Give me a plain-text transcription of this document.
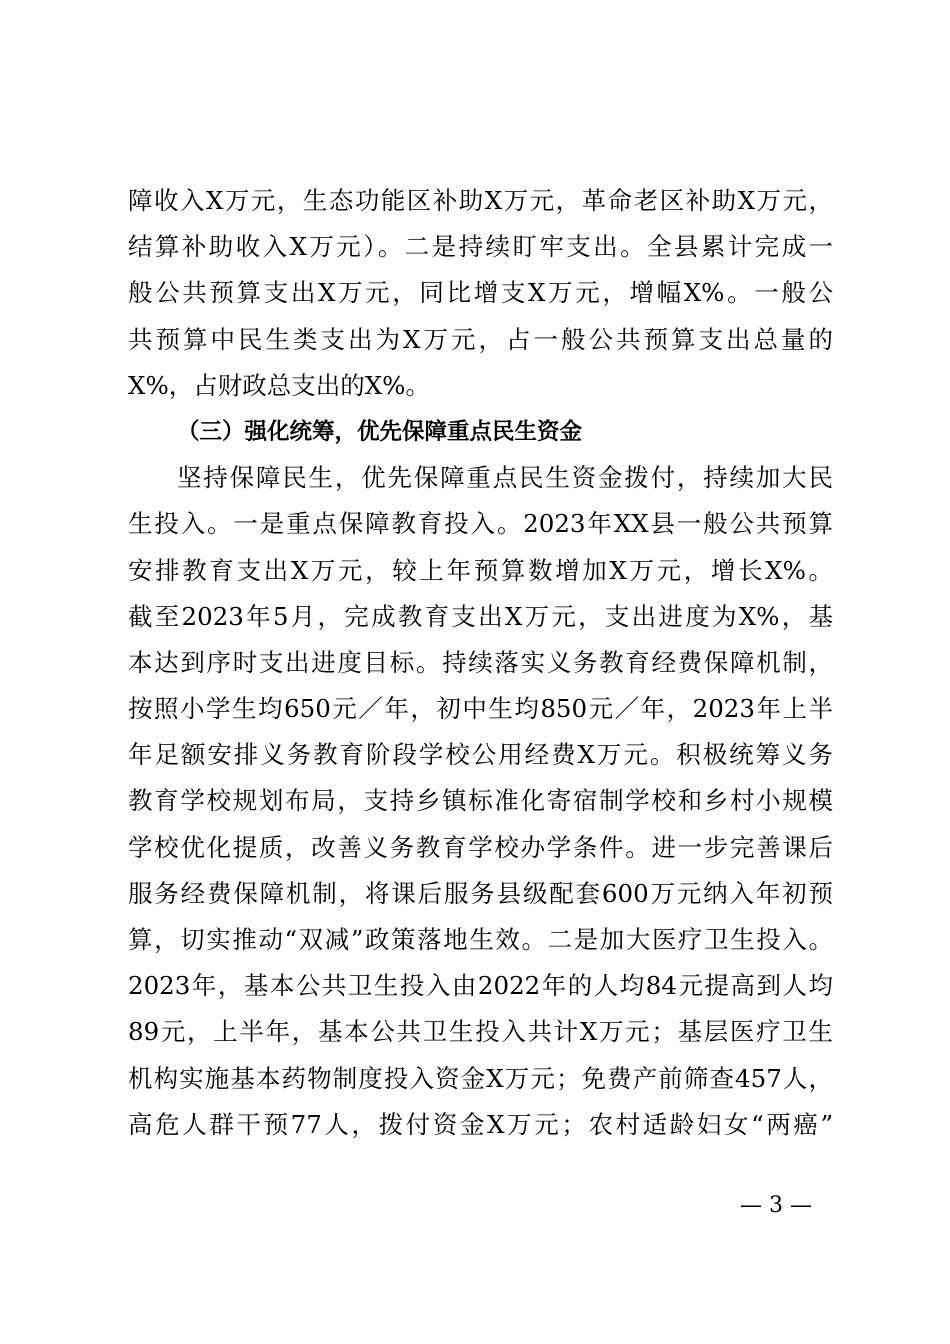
障收入X万元，生态功能区补助X万元，革命老区补助X万元，
结算补助收入X万元）。二是持续盯牢支出。全县累计完成一
般公共预算支出X万元，同比增支X万元，增幅X%。一般公
共预算中民生类支出为X万元，占一般公共预算支出总量的
X%，占财政总支出的X%。
（三）强化统筹，优先保障重点民生资金
坚持保障民生，优先保障重点民生资金拨付，持续加大民
生投入。一是重点保障教育投入。2023年XX县一般公共预算
安排教育支出X万元，较上年预算数增加X万元，增长X%。
截至2023年5月，完成教育支出X万元，支出进度为X%，基
本达到序时支出进度目标。持续落实义务教育经费保障机制，
按照小学生均650元／年，初中生均850元／年，2023年上半
年足额安排义务教育阶段学校公用经费X万元。积极统筹义务
教育学校规划布局，支持乡镇标准化寄宿制学校和乡村小规模
学校优化提质，改善义务教育学校办学条件。进一步完善课后
服务经费保障机制，将课后服务县级配套600万元纳入年初预
算，切实推动“双减”政策落地生效。二是加大医疗卫生投入。
2023年，基本公共卫生投入由2022年的人均84元提高到人均
89元，上半年，基本公共卫生投入共计X万元；基层医疗卫生
机构实施基本药物制度投入资金X万元；免费产前筛查457人，
高危人群干预77人，拨付资金X万元；农村适龄妇女“两癌”
— 3 —
